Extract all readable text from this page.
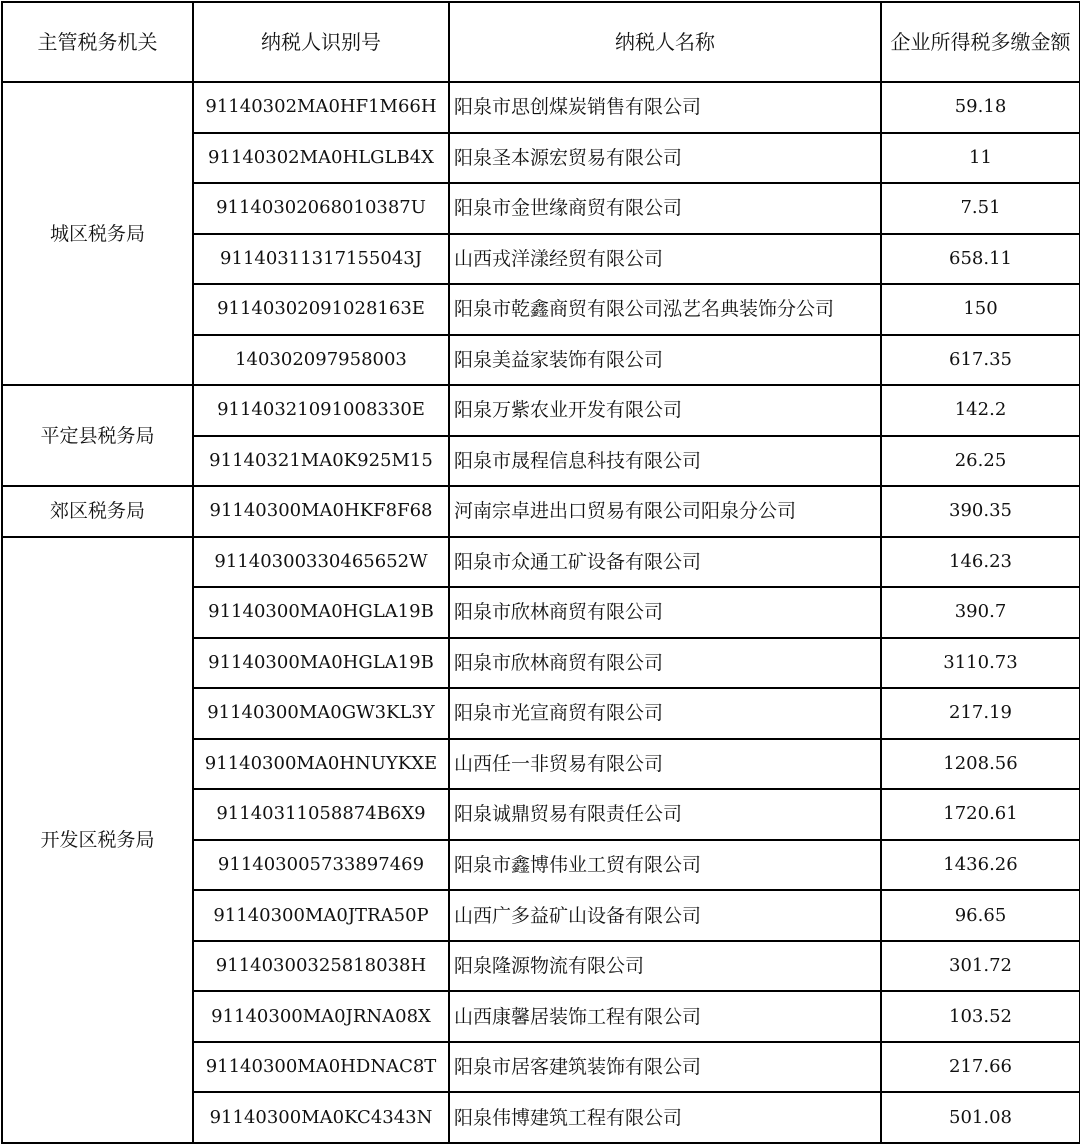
主管税务机关	纳税人识别号	纳税人名称	企业所得税多缴金额
城区税务局	91140302MA0HF1M66H	阳泉市思创煤炭销售有限公司	59.18
	91140302MA0HLGLB4X	阳泉圣本源宏贸易有限公司	11
	91140302068010387U	阳泉市金世缘商贸有限公司	7.51
	91140311317155043J	山西戎洋漾经贸有限公司	658.11
	91140302091028163E	阳泉市乾鑫商贸有限公司泓艺名典装饰分公司	150
	140302097958003	阳泉美益家装饰有限公司	617.35
平定县税务局	91140321091008330E	阳泉万紫农业开发有限公司	142.2
	91140321MA0K925M15	阳泉市晟程信息科技有限公司	26.25
郊区税务局	91140300MA0HKF8F68	河南宗卓进出口贸易有限公司阳泉分公司	390.35
开发区税务局	91140300330465652W	阳泉市众通工矿设备有限公司	146.23
	91140300MA0HGLA19B	阳泉市欣林商贸有限公司	390.7
	91140300MA0HGLA19B	阳泉市欣林商贸有限公司	3110.73
	91140300MA0GW3KL3Y	阳泉市光宣商贸有限公司	217.19
	91140300MA0HNUYKXE	山西任一非贸易有限公司	1208.56
	91140311058874B6X9	阳泉诚鼎贸易有限责任公司	1720.61
	91140300573389746​9	阳泉市鑫博伟业工贸有限公司	1436.26
	91140300MA0JTRA50P	山西广多益矿山设备有限公司	96.65
	91140300325818038H	阳泉隆源物流有限公司	301.72
	91140300MA0JRNA08X	山西康馨居装饰工程有限公司	103.52
	91140300MA0HDNAC8T	阳泉市居客建筑装饰有限公司	217.66
	91140300MA0KC4343N	阳泉伟博建筑工程有限公司	501.08
